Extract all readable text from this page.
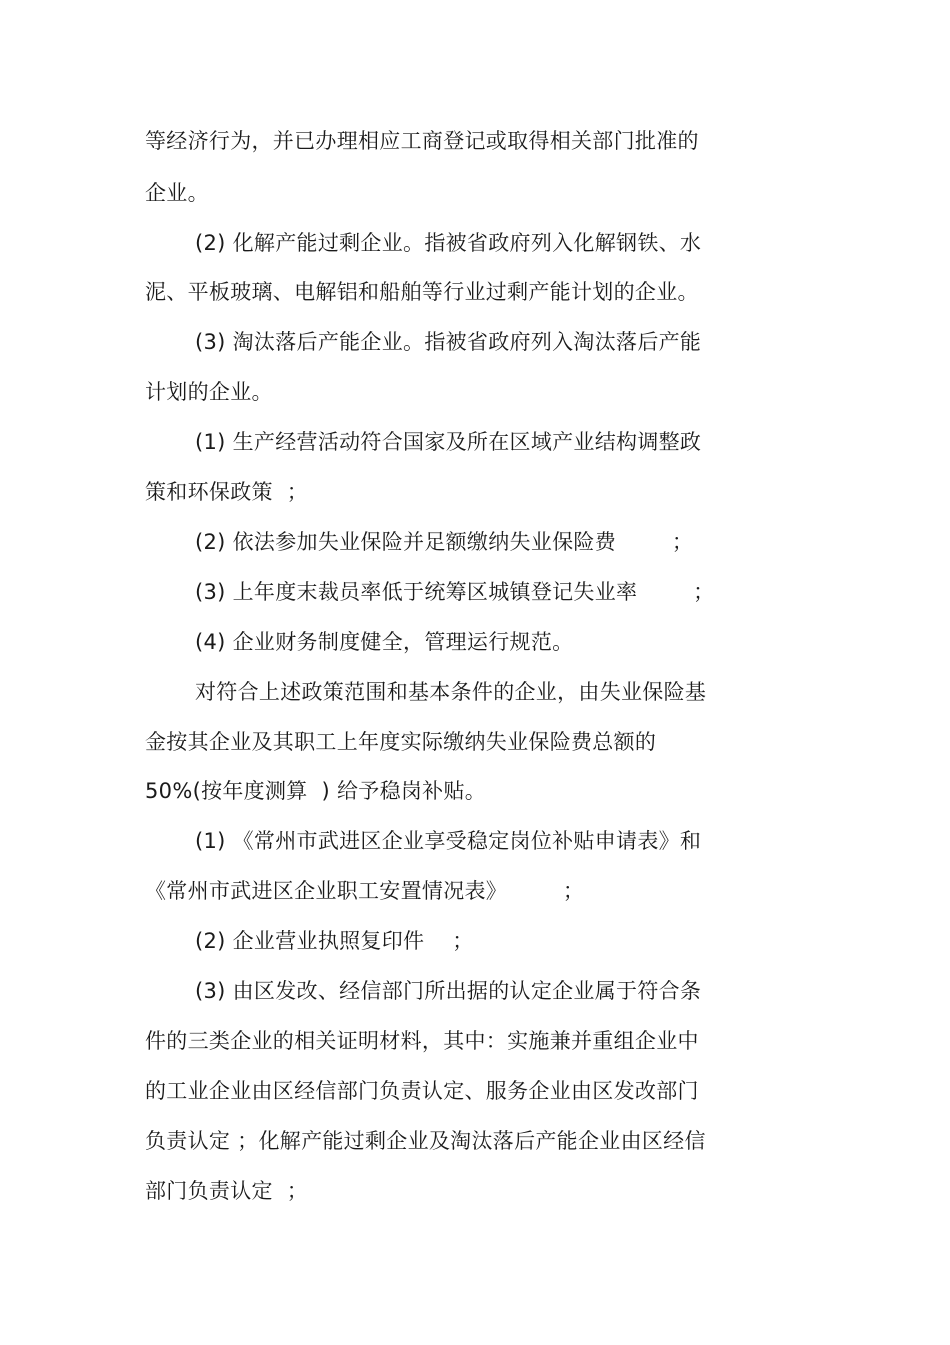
等经济行为，并已办理相应工商登记或取得相关部门批准的
企业。
(2) 化解产能过剩企业。指被省政府列入化解钢铁、水
泥、平板玻璃、电解铝和船舶等行业过剩产能计划的企业。
(3) 淘汰落后产能企业。指被省政府列入淘汰落后产能
计划的企业。
(1) 生产经营活动符合国家及所在区域产业结构调整政
策和环保政策  ；
(2) 依法参加失业保险并足额缴纳失业保险费        ；
(3) 上年度末裁员率低于统筹区城镇登记失业率        ；
(4) 企业财务制度健全，管理运行规范。
对符合上述政策范围和基本条件的企业，由失业保险基
金按其企业及其职工上年度实际缴纳失业保险费总额的
50%(按年度测算  ) 给予稳岗补贴。
(1) 《常州市武进区企业享受稳定岗位补贴申请表》和
《常州市武进区企业职工安置情况表》        ；
(2) 企业营业执照复印件    ；
(3) 由区发改、经信部门所出据的认定企业属于符合条
件的三类企业的相关证明材料，其中：实施兼并重组企业中
的工业企业由区经信部门负责认定、服务企业由区发改部门
负责认定 ；化解产能过剩企业及淘汰落后产能企业由区经信
部门负责认定  ；
